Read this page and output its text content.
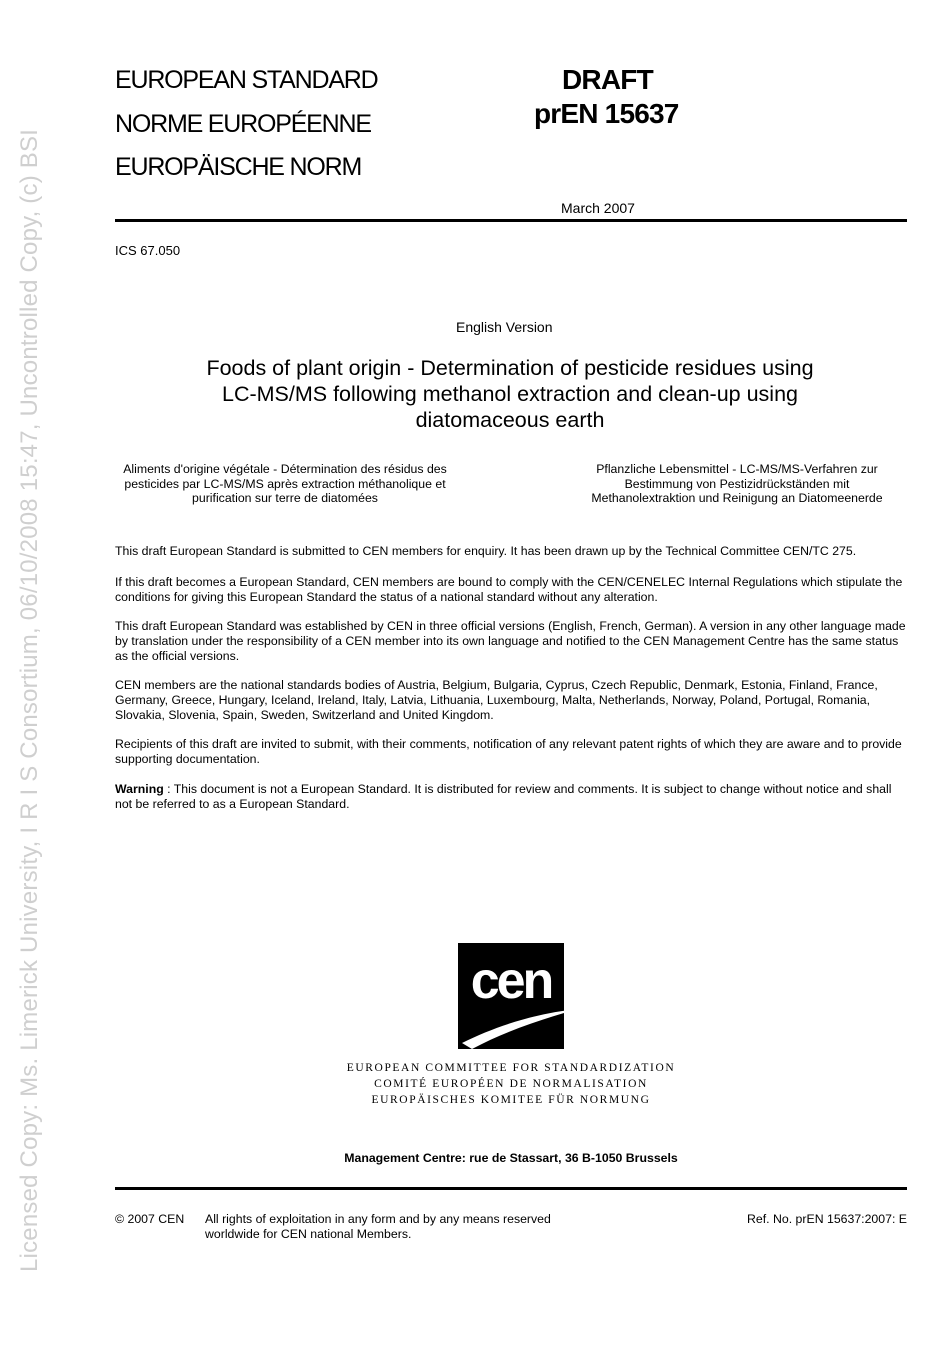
Licensed Copy: Ms. Limerick University, I R I S Consortium, 06/10/2008 15:47, Uncontrolled Copy, (c) BSI
EUROPEAN STANDARD
NORME EUROPÉENNE
EUROPÄISCHE NORM
DRAFT
prEN 15637
March 2007
ICS 67.050
English Version
Foods of plant origin - Determination of pesticide residues using
LC-MS/MS following methanol extraction and clean-up using
diatomaceous earth
Aliments d'origine végétale - Détermination des résidus des
pesticides par LC-MS/MS après extraction méthanolique et
purification sur terre de diatomées
Pflanzliche Lebensmittel - LC-MS/MS-Verfahren zur
Bestimmung von Pestizidrückständen mit
Methanolextraktion und Reinigung an Diatomeenerde
This draft European Standard is submitted to CEN members for enquiry. It has been drawn up by the Technical Committee CEN/TC 275.
If this draft becomes a European Standard, CEN members are bound to comply with the CEN/CENELEC Internal Regulations which stipulate the conditions for giving this European Standard the status of a national standard without any alteration.
This draft European Standard was established by CEN in three official versions (English, French, German). A version in any other language made by translation under the responsibility of a CEN member into its own language and notified to the CEN Management Centre has the same status as the official versions.
CEN members are the national standards bodies of Austria, Belgium, Bulgaria, Cyprus, Czech Republic, Denmark, Estonia, Finland, France, Germany, Greece, Hungary, Iceland, Ireland, Italy, Latvia, Lithuania, Luxembourg, Malta, Netherlands, Norway, Poland, Portugal, Romania, Slovakia, Slovenia, Spain, Sweden, Switzerland and United Kingdom.
Recipients of this draft are invited to submit, with their comments, notification of any relevant patent rights of which they are aware and to provide supporting documentation.
Warning : This document is not a European Standard. It is distributed for review and comments. It is subject to change without notice and shall not be referred to as a European Standard.
cen
EUROPEAN COMMITTEE FOR STANDARDIZATION
COMITÉ EUROPÉEN DE NORMALISATION
EUROPÄISCHES KOMITEE FÜR NORMUNG
Management Centre: rue de Stassart, 36 B-1050 Brussels
© 2007 CEN All rights of exploitation in any form and by any means reserved
worldwide for CEN national Members.
Ref. No. prEN 15637:2007: E
